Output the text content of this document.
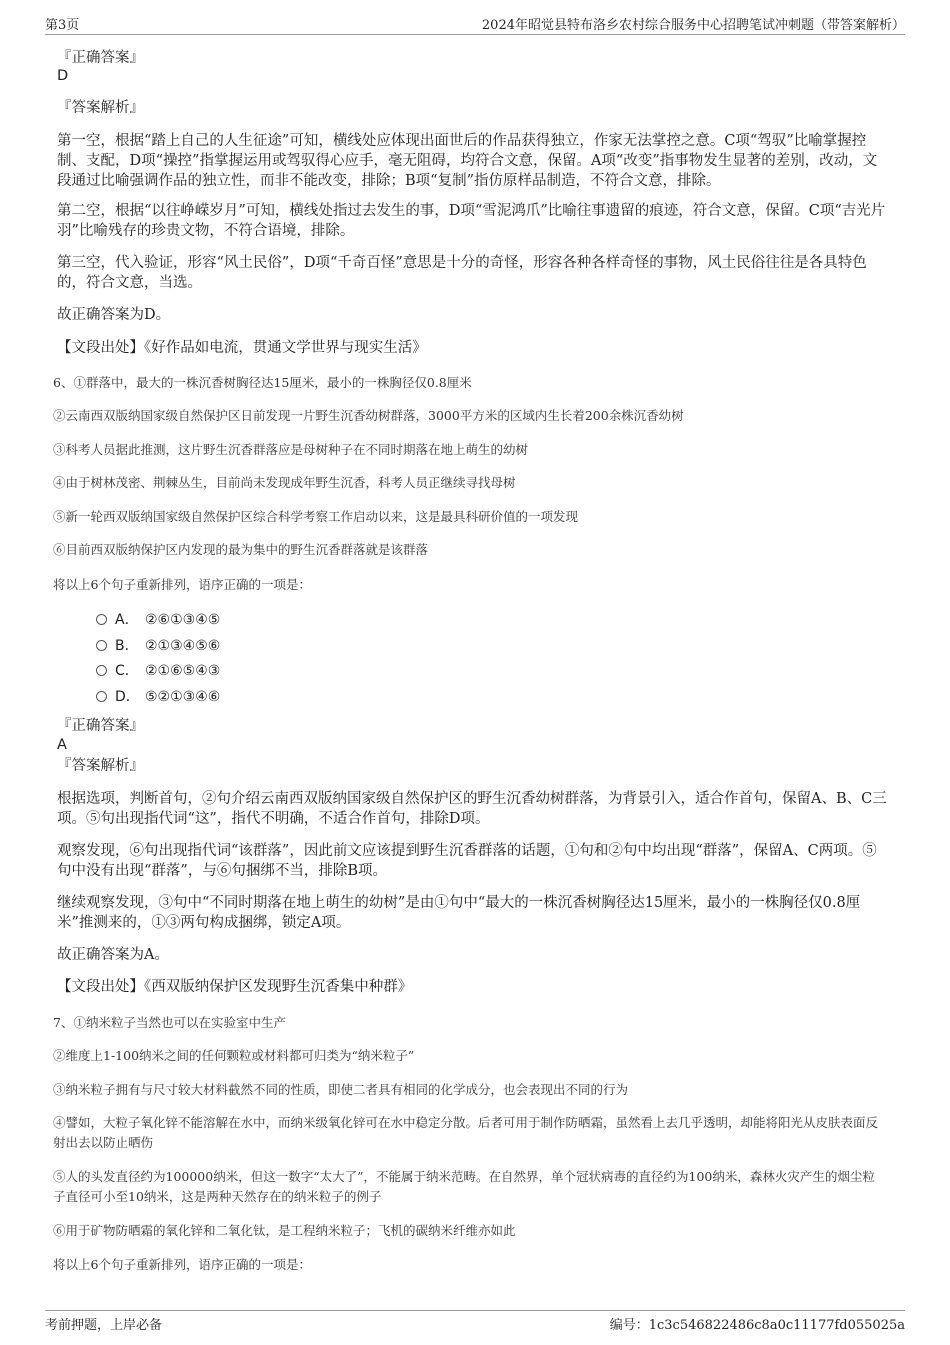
第3页	2024年昭觉县特布洛乡农村综合服务中心招聘笔试冲刺题（带答案解析）
『正确答案』
D
『答案解析』
第一空，根据“踏上自己的人生征途”可知，横线处应体现出面世后的作品获得独立，作家无法掌控之意。C项“驾驭”比喻掌握控制、支配，D项“操控”指掌握运用或驾驭得心应手，毫无阻碍，均符合文意，保留。A项“改变”指事物发生显著的差别，改动，文段通过比喻强调作品的独立性，而非不能改变，排除；B项“复制”指仿原样品制造，不符合文意，排除。
第二空，根据“以往峥嵘岁月”可知，横线处指过去发生的事，D项“雪泥鸿爪”比喻往事遗留的痕迹，符合文意，保留。C项“吉光片羽”比喻残存的珍贵文物，不符合语境，排除。
第三空，代入验证，形容“风土民俗”，D项“千奇百怪”意思是十分的奇怪，形容各种各样奇怪的事物，风土民俗往往是各具特色的，符合文意，当选。
故正确答案为D。
【文段出处】《好作品如电流，贯通文学世界与现实生活》
6、①群落中，最大的一株沉香树胸径达15厘米，最小的一株胸径仅0.8厘米
②云南西双版纳国家级自然保护区日前发现一片野生沉香幼树群落，3000平方米的区域内生长着200余株沉香幼树
③科考人员据此推测，这片野生沉香群落应是母树种子在不同时期落在地上萌生的幼树
④由于树林茂密、荆棘丛生，目前尚未发现成年野生沉香，科考人员正继续寻找母树
⑤新一轮西双版纳国家级自然保护区综合科学考察工作启动以来，这是最具科研价值的一项发现
⑥目前西双版纳保护区内发现的最为集中的野生沉香群落就是该群落
将以上6个句子重新排列，语序正确的一项是：
A． ②⑥①③④⑤
B． ②①③④⑤⑥
C． ②①⑥⑤④③
D． ⑤②①③④⑥
『正确答案』
A
『答案解析』
根据选项，判断首句，②句介绍云南西双版纳国家级自然保护区的野生沉香幼树群落，为背景引入，适合作首句，保留A、B、C三项。⑤句出现指代词“这”，指代不明确，不适合作首句，排除D项。
观察发现，⑥句出现指代词“该群落”，因此前文应该提到野生沉香群落的话题，①句和②句中均出现“群落”，保留A、C两项。⑤句中没有出现“群落”，与⑥句捆绑不当，排除B项。
继续观察发现，③句中“不同时期落在地上萌生的幼树”是由①句中“最大的一株沉香树胸径达15厘米，最小的一株胸径仅0.8厘米”推测来的，①③两句构成捆绑，锁定A项。
故正确答案为A。
【文段出处】《西双版纳保护区发现野生沉香集中种群》
7、①纳米粒子当然也可以在实验室中生产
②维度上1-100纳米之间的任何颗粒或材料都可归类为“纳米粒子”
③纳米粒子拥有与尺寸较大材料截然不同的性质，即使二者具有相同的化学成分，也会表现出不同的行为
④譬如，大粒子氧化锌不能溶解在水中，而纳米级氧化锌可在水中稳定分散。后者可用于制作防晒霜，虽然看上去几乎透明，却能将阳光从皮肤表面反射出去以防止晒伤
⑤人的头发直径约为100000纳米，但这一数字“太大了”，不能属于纳米范畴。在自然界，单个冠状病毒的直径约为100纳米，森林火灾产生的烟尘粒子直径可小至10纳米，这是两种天然存在的纳米粒子的例子
⑥用于矿物防晒霜的氧化锌和二氧化钛，是工程纳米粒子；飞机的碳纳米纤维亦如此
将以上6个句子重新排列，语序正确的一项是：
考前押题，上岸必备	编号：1c3c546822486c8a0c11177fd055025a
